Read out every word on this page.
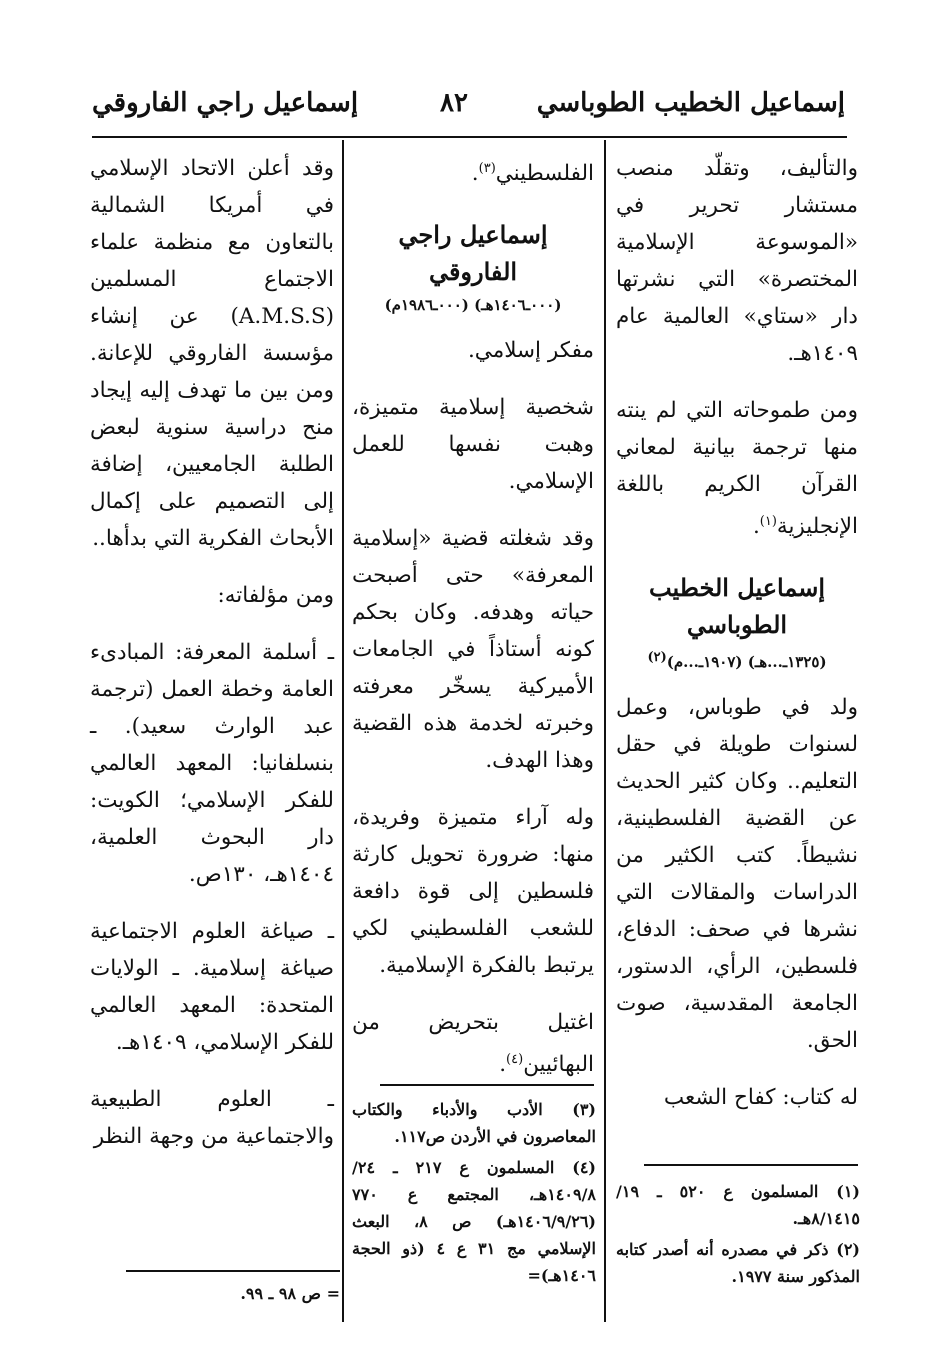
إسماعيل الخطيب الطوباسي
٨٢
إسماعيل راجي الفاروقي

والتأليف، وتقلّد منصب مستشار تحرير في «الموسوعة الإسلامية المختصرة» التي نشرتها دار «ستاي» العالمية عام ١٤٠٩هـ.

ومن طموحاته التي لم ينته منها ترجمة بيانية لمعاني القرآن الكريم باللغة الإنجليزية$^{(١)}$.

إسماعيل الخطيب الطوباسي
(١٣٢٥ـ...هـ) (١٩٠٧ـ...م)(٢)

ولد في طوباس، وعمل لسنوات طويلة في حقل التعليم.. وكان كثير الحديث عن القضية الفلسطينية، نشيطاً. كتب الكثير من الدراسات والمقالات التي نشرها في صحف: الدفاع، فلسطين، الرأي، الدستور، الجامعة المقدسية، صوت الحق.

له كتاب: كفاح الشعب

الفلسطيني$^{(٣)}$.

إسماعيل راجي الفاروقي
(٠٠٠ـ١٤٠٦هـ) (٠٠٠ـ١٩٨٦م)

مفكر إسلامي.

شخصية إسلامية متميزة، وهبت نفسها للعمل الإسلامي.

وقد شغلته قضية «إسلامية المعرفة» حتى أصبحت حياته وهدفه. وكان بحكم كونه أستاذاً في الجامعات الأميركية يسخّر معرفته وخبرته لخدمة هذه القضية وهذا الهدف.

وله آراء متميزة وفريدة، منها: ضرورة تحويل كارثة فلسطين إلى قوة دافعة للشعب الفلسطيني لكي يرتبط بالفكرة الإسلامية.

اغتيل بتحريض من البهائيين$^{(٤)}$.

وقد أعلن الاتحاد الإسلامي في أمريكا الشمالية بالتعاون مع منظمة علماء الاجتماع المسلمين (A.M.S.S) عن إنشاء مؤسسة الفاروقي للإعانة. ومن بين ما تهدف إليه إيجاد منح دراسية سنوية لبعض الطلبة الجامعيين، إضافة إلى التصميم على إكمال الأبحاث الفكرية التي بدأها..

ومن مؤلفاته:

ـ أسلمة المعرفة: المبادىء العامة وخطة العمل (ترجمة عبد الوارث سعيد). ـ بنسلفانيا: المعهد العالمي للفكر الإسلامي؛ الكويت: دار البحوث العلمية، ١٤٠٤هـ، ١٣٠ص.

ـ صياغة العلوم الاجتماعية صياغة إسلامية. ـ الولايات المتحدة: المعهد العالمي للفكر الإسلامي، ١٤٠٩هـ.

ـ العلوم الطبيعية والاجتماعية من وجهة النظر

(١) المسلمون ع ٥٢٠ ـ ١٩/ ٨/١٤١٥هـ.
(٢) ذكر في مصدره أنه أصدر كتابه المذكور سنة ١٩٧٧.
(٣) الأدب والأدباء والكتاب المعاصرون في الأردن ص١١٧.
(٤) المسلمون ع ٢١٧ ـ ٢٤/ ١٤٠٩/٨هـ، المجتمع ع ٧٧٠ (١٤٠٦/٩/٢٦هـ) ص ٨، البعث الإسلامي مج ٣١ ع ٤ (ذو الحجة ١٤٠٦هـ)=
= ص ٩٨ ـ ٩٩.
